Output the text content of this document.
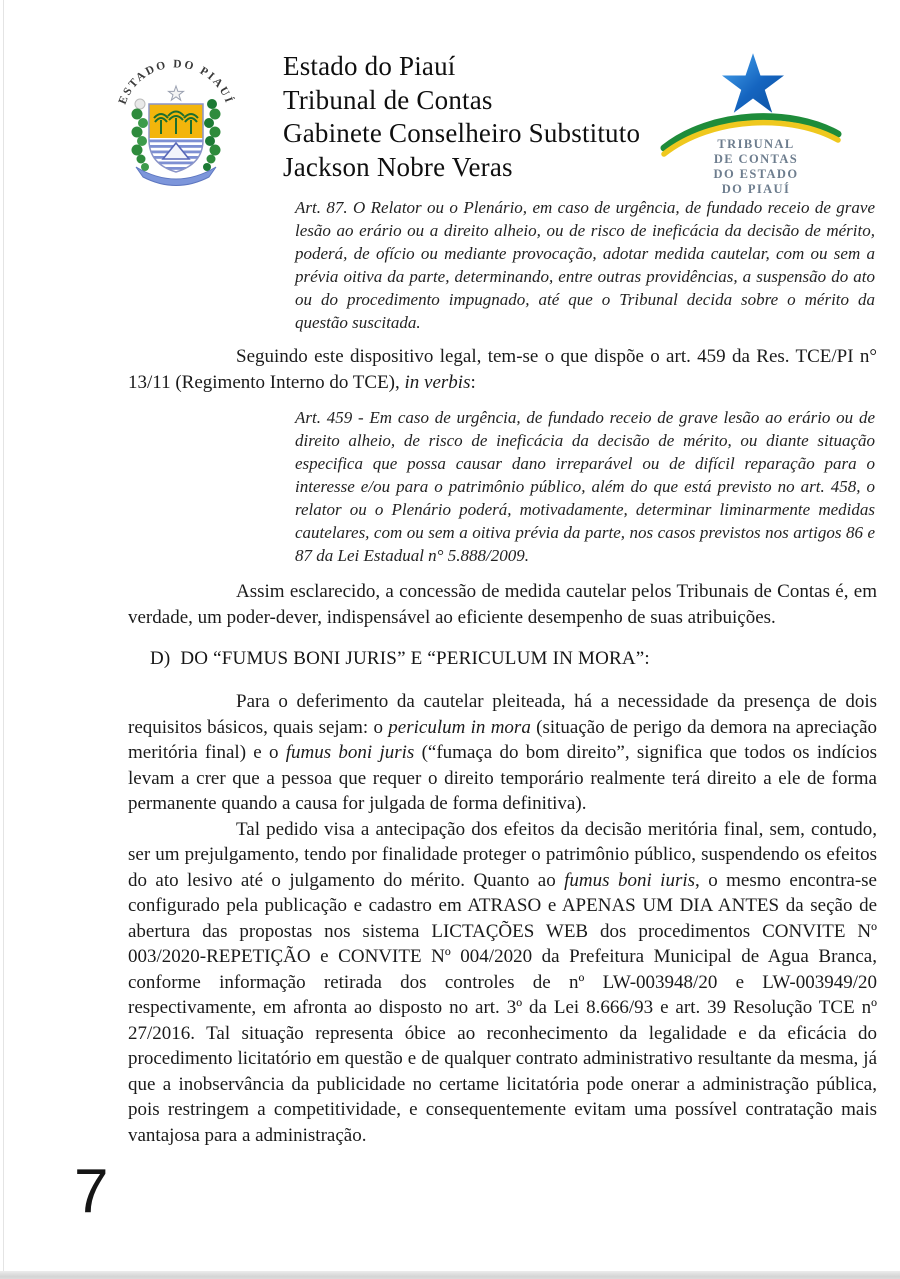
ESTADO DO PIAUÍ
Estado do Piauí
Tribunal de Contas
Gabinete Conselheiro Substituto
Jackson Nobre Veras
TRIBUNAL
DE CONTAS
DO ESTADO
DO PIAUÍ
Art. 87. O Relator ou o Plenário, em caso de urgência, de fundado receio de grave lesão ao erário ou a direito alheio, ou de risco de ineficácia da decisão de mérito, poderá, de ofício ou mediante provocação, adotar medida cautelar, com ou sem a prévia oitiva da parte, determinando, entre outras providências, a suspensão do ato ou do procedimento impugnado, até que o Tribunal decida sobre o mérito da questão suscitada.

Seguindo este dispositivo legal, tem-se o que dispõe o art. 459 da Res. TCE/PI n° 13/11 (Regimento Interno do TCE), in verbis:

Art. 459 - Em caso de urgência, de fundado receio de grave lesão ao erário ou de direito alheio, de risco de ineficácia da decisão de mérito, ou diante situação especifica que possa causar dano irreparável ou de difícil reparação para o interesse e/ou para o patrimônio público, além do que está previsto no art. 458, o relator ou o Plenário poderá, motivadamente, determinar liminarmente medidas cautelares, com ou sem a oitiva prévia da parte, nos casos previstos nos artigos 86 e 87 da Lei Estadual n° 5.888/2009.

Assim esclarecido, a concessão de medida cautelar pelos Tribunais de Contas é, em verdade, um poder-dever, indispensável ao eficiente desempenho de suas atribuições.

D)  DO “FUMUS BONI JURIS” E “PERICULUM IN MORA”:

Para o deferimento da cautelar pleiteada, há a necessidade da presença de dois requisitos básicos, quais sejam: o periculum in mora (situação de perigo da demora na apreciação meritória final) e o fumus boni juris (“fumaça do bom direito”, significa que todos os indícios levam a crer que a pessoa que requer o direito temporário realmente terá direito a ele de forma permanente quando a causa for julgada de forma definitiva).

Tal pedido visa a antecipação dos efeitos da decisão meritória final, sem, contudo, ser um prejulgamento, tendo por finalidade proteger o patrimônio público, suspendendo os efeitos do ato lesivo até o julgamento do mérito. Quanto ao fumus boni iuris, o mesmo encontra-se configurado pela publicação e cadastro em ATRASO e APENAS UM DIA ANTES da seção de abertura das propostas nos sistema LICTAÇÕES WEB dos procedimentos CONVITE Nº 003/2020-REPETIÇÃO e CONVITE Nº 004/2020 da Prefeitura Municipal de Agua Branca, conforme informação retirada dos controles de nº LW-003948/20 e LW-003949/20 respectivamente, em afronta ao disposto no art. 3º da Lei 8.666/93 e art. 39 Resolução TCE nº 27/2016. Tal situação representa óbice ao reconhecimento da legalidade e da eficácia do procedimento licitatório em questão e de qualquer contrato administrativo resultante da mesma, já que a inobservância da publicidade no certame licitatória pode onerar a administração pública, pois restringem a competitividade, e consequentemente evitam uma possível contratação mais vantajosa para a administração.

7
